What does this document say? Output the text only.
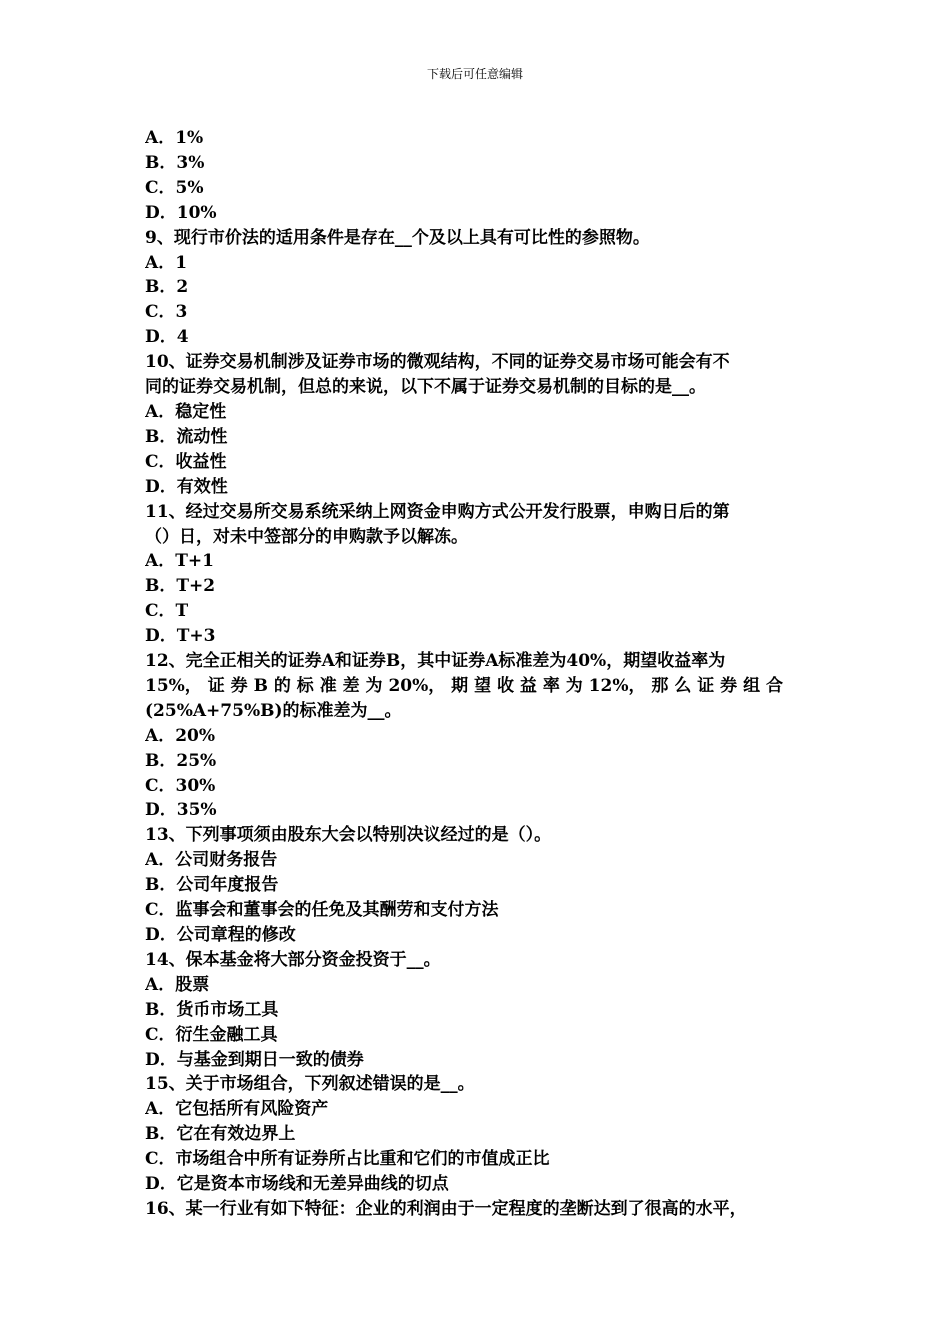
下载后可任意编辑
A．1%
B．3%
C．5%
D．10%
9、现行市价法的适用条件是存在__个及以上具有可比性的参照物。
A．1
B．2
C．3
D．4
10、证券交易机制涉及证券市场的微观结构，不同的证券交易市场可能会有不
同的证券交易机制，但总的来说，以下不属于证券交易机制的目标的是__。
A．稳定性
B．流动性
C．收益性
D．有效性
11、经过交易所交易系统采纳上网资金申购方式公开发行股票，申购日后的第
（）日，对未中签部分的申购款予以解冻。
A．T+1
B．T+2
C．T
D．T+3
12、完全正相关的证券A和证券B，其中证券A标准差为40%，期望收益率为
15%， 证 券 B 的 标 准 差 为 20%， 期 望 收 益 率 为 12%， 那 么 证 券 组 合
(25%A+75%B)的标准差为__。
A．20%
B．25%
C．30%
D．35%
13、下列事项须由股东大会以特别决议经过的是（）。
A．公司财务报告
B．公司年度报告
C．监事会和董事会的任免及其酬劳和支付方法
D．公司章程的修改
14、保本基金将大部分资金投资于__。
A．股票
B．货币市场工具
C．衍生金融工具
D．与基金到期日一致的债券
15、关于市场组合，下列叙述错误的是__。
A．它包括所有风险资产
B．它在有效边界上
C．市场组合中所有证券所占比重和它们的市值成正比
D．它是资本市场线和无差异曲线的切点
16、某一行业有如下特征：企业的利润由于一定程度的垄断达到了很高的水平，
